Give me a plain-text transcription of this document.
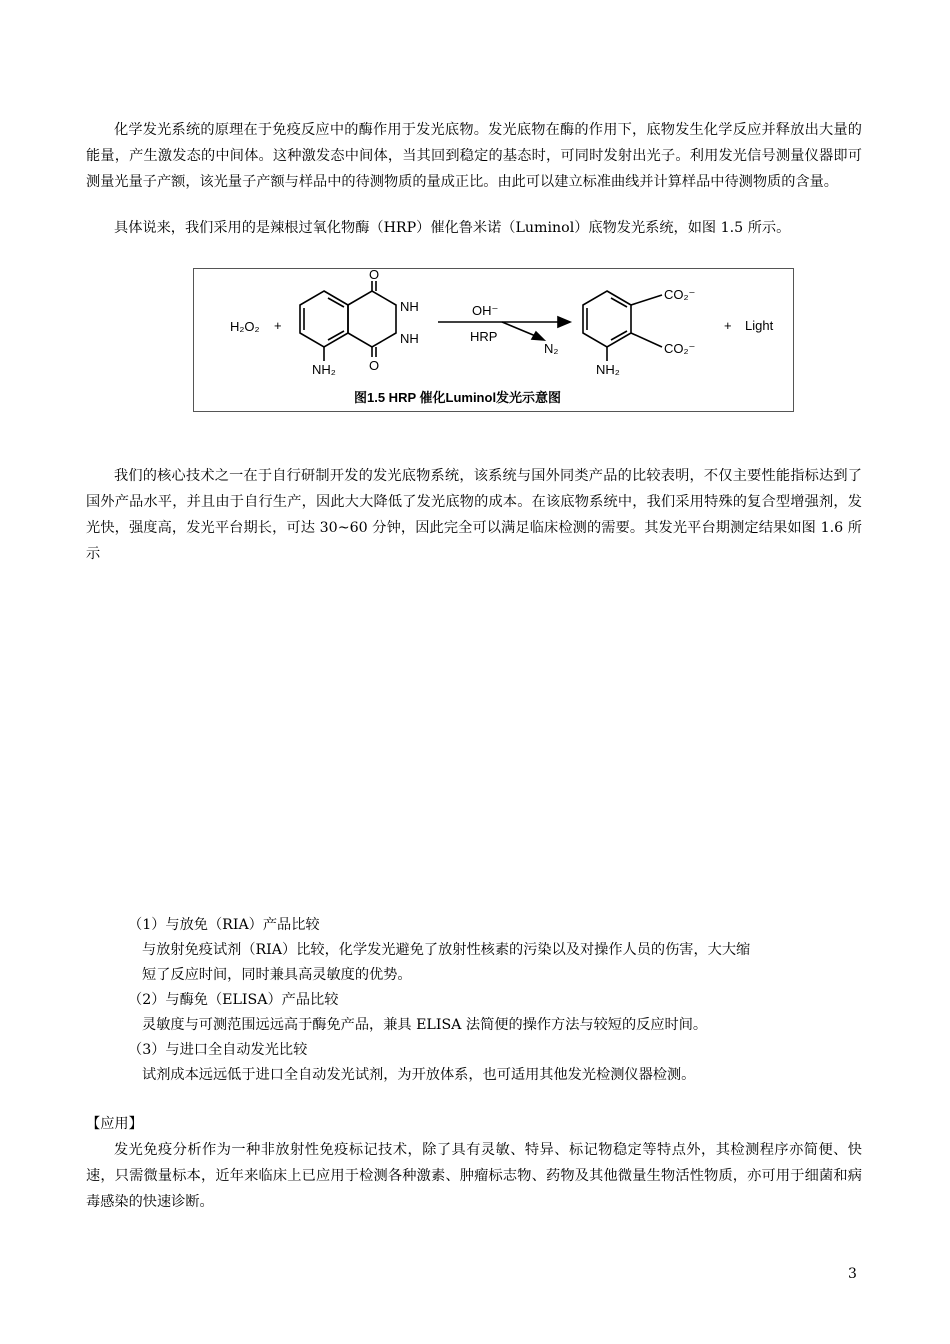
化学发光系统的原理在于免疫反应中的酶作用于发光底物。发光底物在酶的作用下，底物发生化学反应并释放出大量的能量，产生激发态的中间体。这种激发态中间体，当其回到稳定的基态时，可同时发射出光子。利用发光信号测量仪器即可测量光量子产额，该光量子产额与样品中的待测物质的量成正比。由此可以建立标准曲线并计算样品中待测物质的含量。

具体说来，我们采用的是辣根过氧化物酶（HRP）催化鲁米诺（Luminol）底物发光系统，如图 1.5 所示。

H₂O₂ +
O
O
NH
NH
NH₂
OH⁻
HRP
N₂
CO₂⁻
CO₂⁻
NH₂
+ Light
图1.5 HRP 催化Luminol发光示意图

我们的核心技术之一在于自行研制开发的发光底物系统，该系统与国外同类产品的比较表明，不仅主要性能指标达到了国外产品水平，并且由于自行生产，因此大大降低了发光底物的成本。在该底物系统中，我们采用特殊的复合型增强剂，发光快，强度高，发光平台期长，可达 30~60 分钟，因此完全可以满足临床检测的需要。其发光平台期测定结果如图 1.6 所示

（1）与放免（RIA）产品比较

与放射免疫试剂（RIA）比较，化学发光避免了放射性核素的污染以及对操作人员的伤害，大大缩

短了反应时间，同时兼具高灵敏度的优势。

（2）与酶免（ELISA）产品比较

灵敏度与可测范围远远高于酶免产品，兼具 ELISA 法简便的操作方法与较短的反应时间。

（3）与进口全自动发光比较

试剂成本远远低于进口全自动发光试剂，为开放体系，也可适用其他发光检测仪器检测。

【应用】

发光免疫分析作为一种非放射性免疫标记技术，除了具有灵敏、特异、标记物稳定等特点外，其检测程序亦简便、快速，只需微量标本，近年来临床上已应用于检测各种激素、肿瘤标志物、药物及其他微量生物活性物质，亦可用于细菌和病毒感染的快速诊断。

3
